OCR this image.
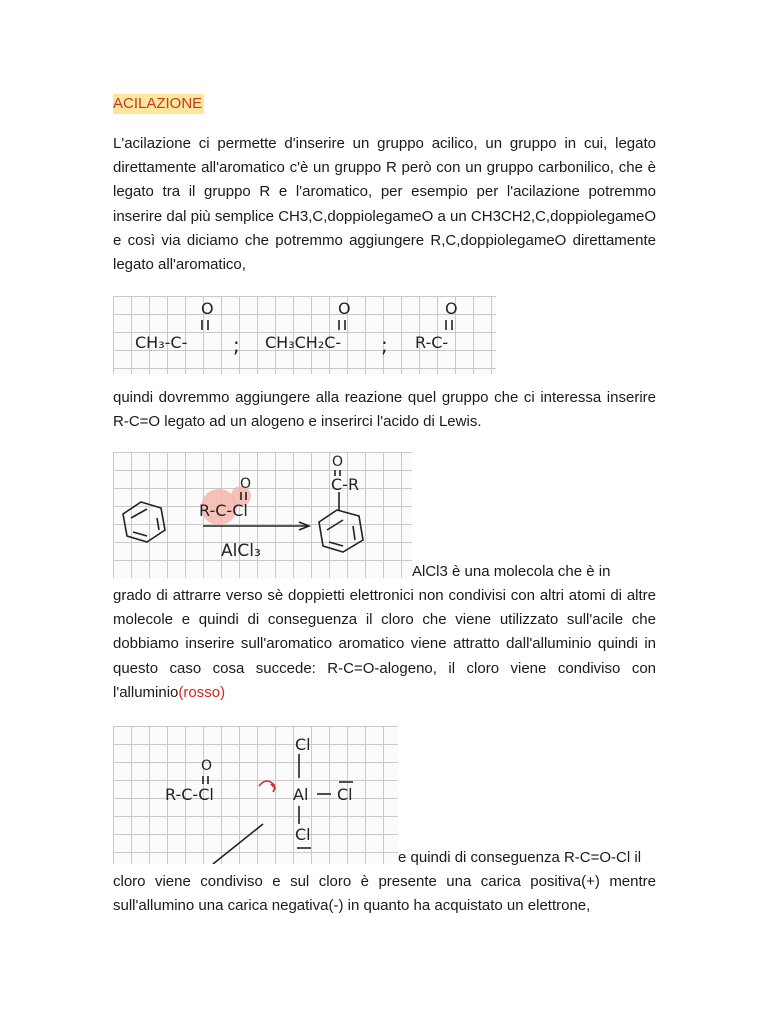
ACILAZIONE

L'acilazione ci permette d'inserire un gruppo acilico, un gruppo in cui, legato direttamente all'aromatico c'è un gruppo R però con un gruppo carbonilico, che è legato tra il gruppo R e l'aromatico, per esempio per l'acilazione potremmo inserire dal più semplice CH3,C,doppiolegameO a un CH3CH2,C,doppiolegameO e così via diciamo che potremmo aggiungere R,C,doppiolegameO direttamente legato all'aromatico,

O
CH₃-C- ;
O
CH₃CH₂C- ;
O
R-C-

quindi dovremmo aggiungere alla reazione quel gruppo che ci interessa inserire R-C=O legato ad un alogeno e inserirci l'acido di Lewis.

O
R-C-Cl
AlCl₃
O
C-R

AlCl3 è una molecola che è in

grado di attrarre verso sè doppietti elettronici non condivisi con altri atomi di altre molecole e quindi di conseguenza il cloro che viene utilizzato sull'acile che dobbiamo inserire sull'aromatico aromatico viene attratto dall'alluminio quindi in questo caso cosa succede: R-C=O-alogeno, il cloro viene condiviso con l'alluminio(rosso)

O
R-C-Cl	Al Cl
Cl
Cl

e quindi di conseguenza R-C=O-Cl il

cloro viene condiviso e sul cloro è presente una carica positiva(+) mentre sull'allumino una carica negativa(-) in quanto ha acquistato un elettrone,
